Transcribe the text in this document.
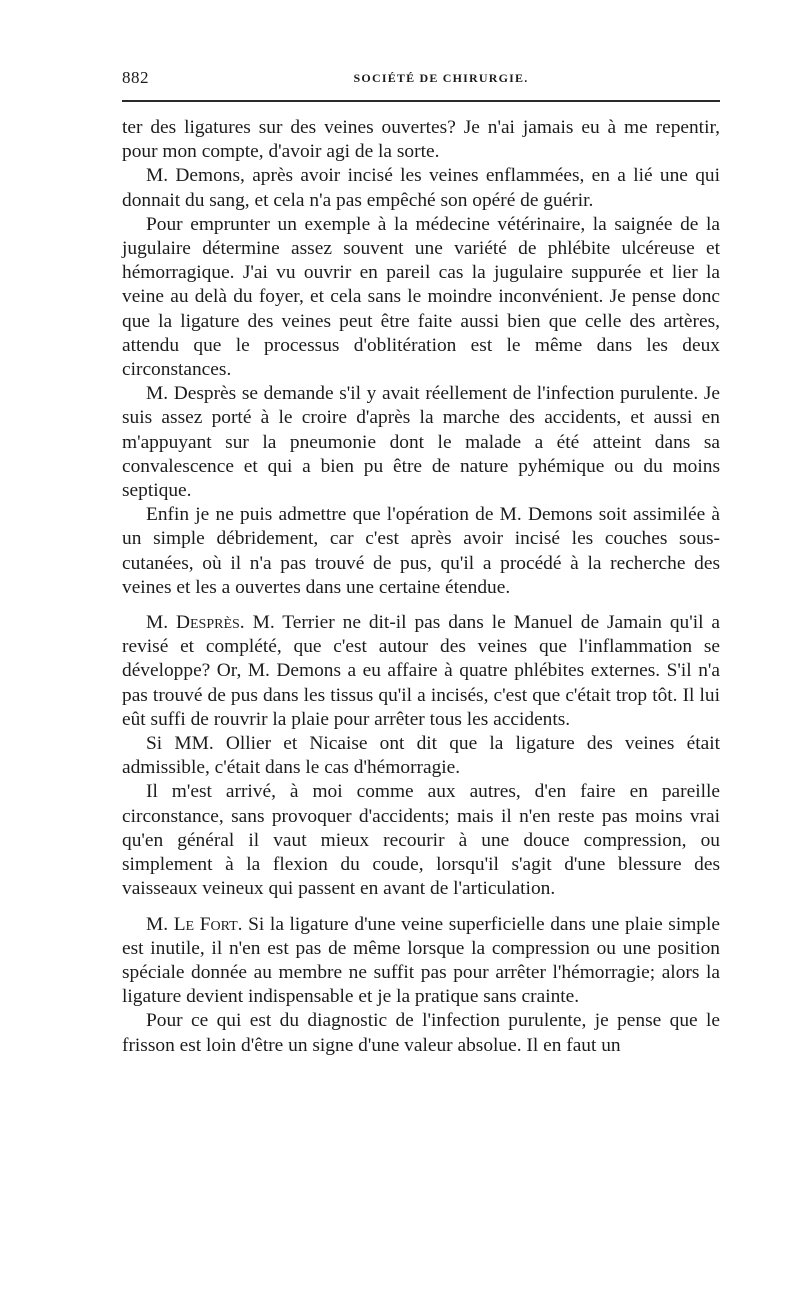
882	SOCIÉTÉ DE CHIRURGIE.

ter des ligatures sur des veines ouvertes? Je n'ai jamais eu à me repentir, pour mon compte, d'avoir agi de la sorte.

M. Demons, après avoir incisé les veines enflammées, en a lié une qui donnait du sang, et cela n'a pas empêché son opéré de guérir.

Pour emprunter un exemple à la médecine vétérinaire, la saignée de la jugulaire détermine assez souvent une variété de phlébite ulcéreuse et hémorragique. J'ai vu ouvrir en pareil cas la jugulaire suppurée et lier la veine au delà du foyer, et cela sans le moindre inconvénient. Je pense donc que la ligature des veines peut être faite aussi bien que celle des artères, attendu que le processus d'oblitération est le même dans les deux circonstances.

M. Desprès se demande s'il y avait réellement de l'infection purulente. Je suis assez porté à le croire d'après la marche des accidents, et aussi en m'appuyant sur la pneumonie dont le malade a été atteint dans sa convalescence et qui a bien pu être de nature pyhémique ou du moins septique.

Enfin je ne puis admettre que l'opération de M. Demons soit assimilée à un simple débridement, car c'est après avoir incisé les couches sous-cutanées, où il n'a pas trouvé de pus, qu'il a procédé à la recherche des veines et les a ouvertes dans une certaine étendue.

M. Desprès. M. Terrier ne dit-il pas dans le Manuel de Jamain qu'il a revisé et complété, que c'est autour des veines que l'inflammation se développe? Or, M. Demons a eu affaire à quatre phlébites externes. S'il n'a pas trouvé de pus dans les tissus qu'il a incisés, c'est que c'était trop tôt. Il lui eût suffi de rouvrir la plaie pour arrêter tous les accidents.

Si MM. Ollier et Nicaise ont dit que la ligature des veines était admissible, c'était dans le cas d'hémorragie.

Il m'est arrivé, à moi comme aux autres, d'en faire en pareille circonstance, sans provoquer d'accidents; mais il n'en reste pas moins vrai qu'en général il vaut mieux recourir à une douce compression, ou simplement à la flexion du coude, lorsqu'il s'agit d'une blessure des vaisseaux veineux qui passent en avant de l'articulation.

M. Le Fort. Si la ligature d'une veine superficielle dans une plaie simple est inutile, il n'en est pas de même lorsque la compression ou une position spéciale donnée au membre ne suffit pas pour arrêter l'hémorragie; alors la ligature devient indispensable et je la pratique sans crainte.

Pour ce qui est du diagnostic de l'infection purulente, je pense que le frisson est loin d'être un signe d'une valeur absolue. Il en faut un
